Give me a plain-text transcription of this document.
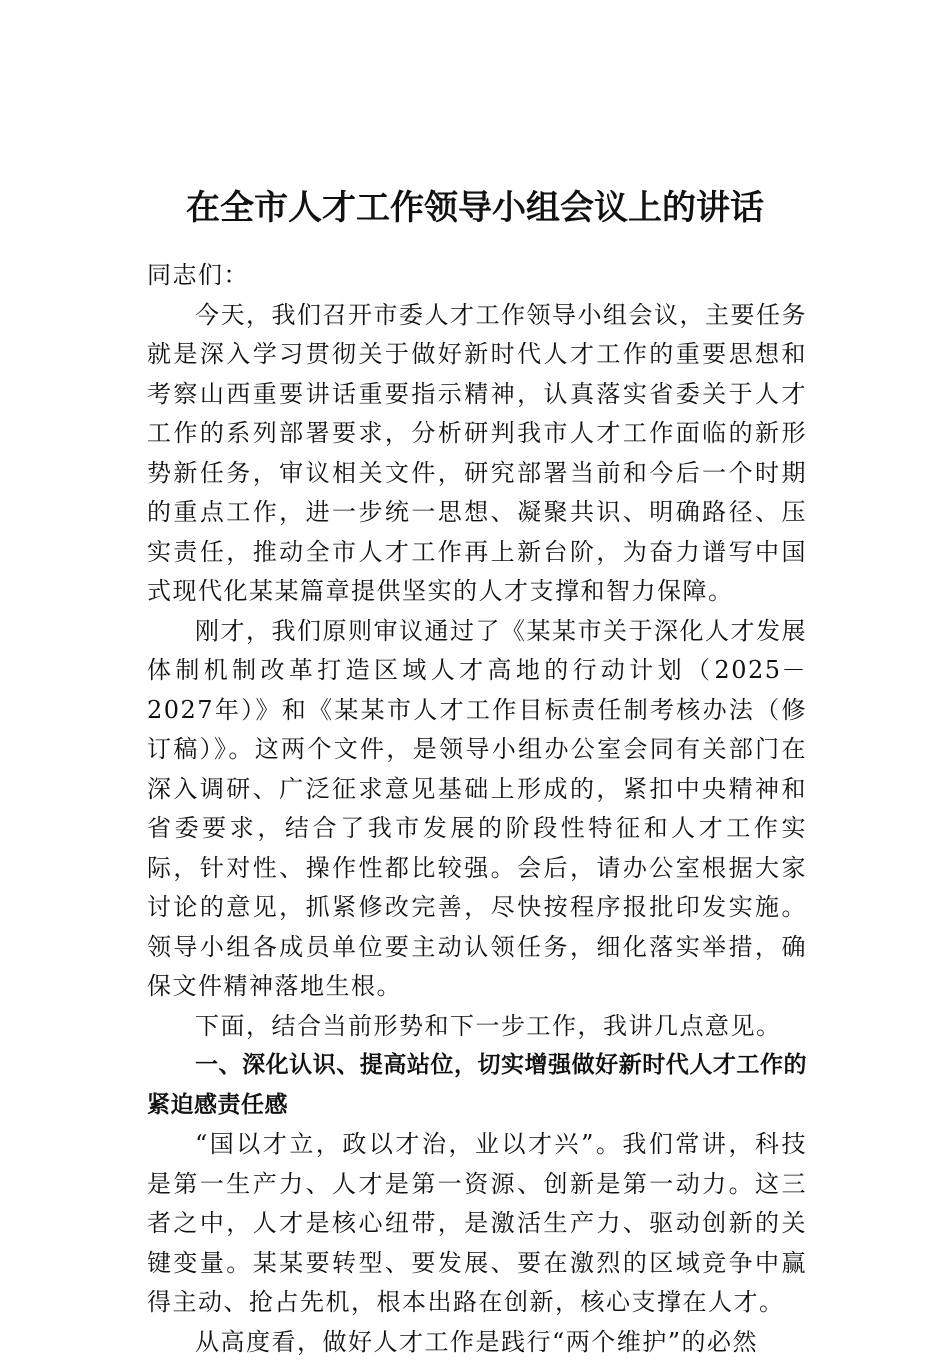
在全市人才工作领导小组会议上的讲话

同志们：

今天，我们召开市委人才工作领导小组会议，主要任务就是深入学习贯彻关于做好新时代人才工作的重要思想和考察山西重要讲话重要指示精神，认真落实省委关于人才工作的系列部署要求，分析研判我市人才工作面临的新形势新任务，审议相关文件，研究部署当前和今后一个时期的重点工作，进一步统一思想、凝聚共识、明确路径、压实责任，推动全市人才工作再上新台阶，为奋力谱写中国式现代化某某篇章提供坚实的人才支撑和智力保障。

刚才，我们原则审议通过了《某某市关于深化人才发展体制机制改革打造区域人才高地的行动计划（2025－2027年）》和《某某市人才工作目标责任制考核办法（修订稿）》。这两个文件，是领导小组办公室会同有关部门在深入调研、广泛征求意见基础上形成的，紧扣中央精神和省委要求，结合了我市发展的阶段性特征和人才工作实际，针对性、操作性都比较强。会后，请办公室根据大家讨论的意见，抓紧修改完善，尽快按程序报批印发实施。领导小组各成员单位要主动认领任务，细化落实举措，确保文件精神落地生根。

下面，结合当前形势和下一步工作，我讲几点意见。

一、深化认识、提高站位，切实增强做好新时代人才工作的紧迫感责任感

“国以才立，政以才治，业以才兴”。我们常讲，科技是第一生产力、人才是第一资源、创新是第一动力。这三者之中，人才是核心纽带，是激活生产力、驱动创新的关键变量。某某要转型、要发展、要在激烈的区域竞争中赢得主动、抢占先机，根本出路在创新，核心支撑在人才。

从高度看，做好人才工作是践行“两个维护”的必然
